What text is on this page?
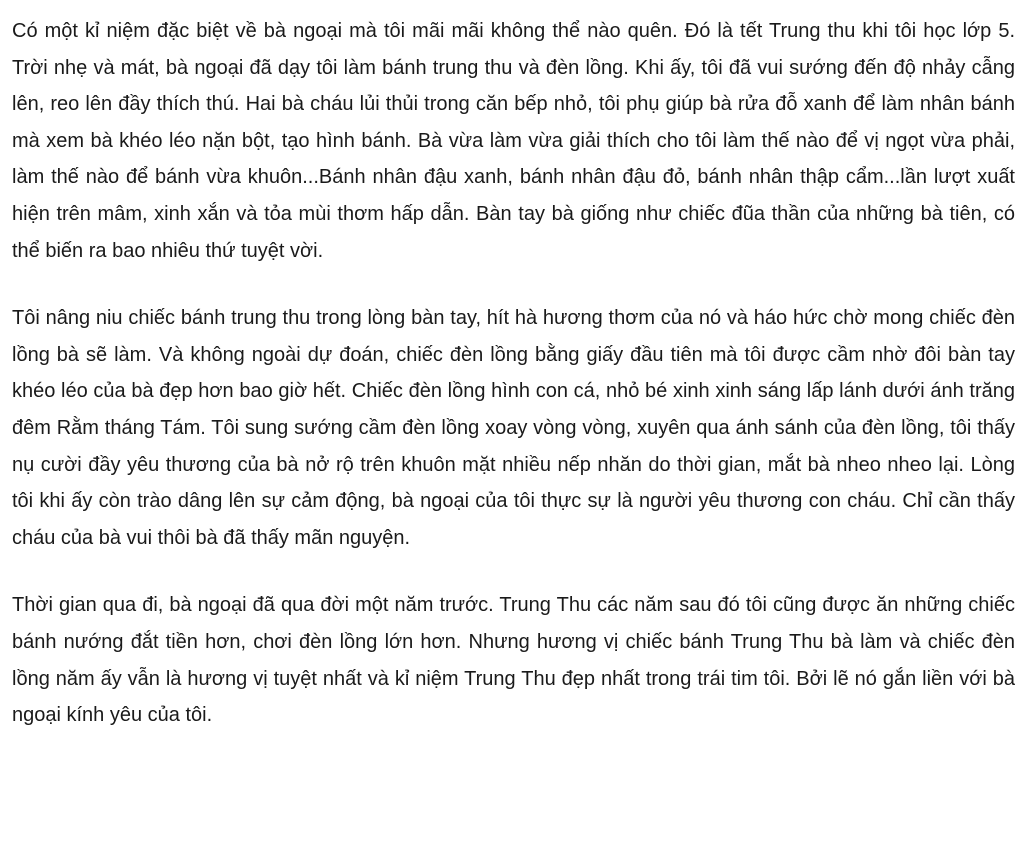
Có một kỉ niệm đặc biệt về bà ngoại mà tôi mãi mãi không thể nào quên. Đó là tết Trung thu khi tôi học lớp 5. Trời nhẹ và mát, bà ngoại đã dạy tôi làm bánh trung thu và đèn lồng. Khi ấy, tôi đã vui sướng đến độ nhảy cẫng lên, reo lên đầy thích thú. Hai bà cháu lủi thủi trong căn bếp nhỏ, tôi phụ giúp bà rửa đỗ xanh để làm nhân bánh mà xem bà khéo léo nặn bột, tạo hình bánh. Bà vừa làm vừa giải thích cho tôi làm thế nào để vị ngọt vừa phải, làm thế nào để bánh vừa khuôn...Bánh nhân đậu xanh, bánh nhân đậu đỏ, bánh nhân thập cẩm...lần lượt xuất hiện trên mâm, xinh xắn và tỏa mùi thơm hấp dẫn. Bàn tay bà giống như chiếc đũa thần của những bà tiên, có thể biến ra bao nhiêu thứ tuyệt vời.

Tôi nâng niu chiếc bánh trung thu trong lòng bàn tay, hít hà hương thơm của nó và háo hức chờ mong chiếc đèn lồng bà sẽ làm. Và không ngoài dự đoán, chiếc đèn lồng bằng giấy đầu tiên mà tôi được cầm nhờ đôi bàn tay khéo léo của bà đẹp hơn bao giờ hết. Chiếc đèn lồng hình con cá, nhỏ bé xinh xinh sáng lấp lánh dưới ánh trăng đêm Rằm tháng Tám. Tôi sung sướng cầm đèn lồng xoay vòng vòng, xuyên qua ánh sánh của đèn lồng, tôi thấy nụ cười đầy yêu thương của bà nở rộ trên khuôn mặt nhiều nếp nhăn do thời gian, mắt bà nheo nheo lại. Lòng tôi khi ấy còn trào dâng lên sự cảm động, bà ngoại của tôi thực sự là người yêu thương con cháu. Chỉ cần thấy cháu của bà vui thôi bà đã thấy mãn nguyện.

Thời gian qua đi, bà ngoại đã qua đời một năm trước. Trung Thu các năm sau đó tôi cũng được ăn những chiếc bánh nướng đắt tiền hơn, chơi đèn lồng lớn hơn. Nhưng hương vị chiếc bánh Trung Thu bà làm và chiếc đèn lồng năm ấy vẫn là hương vị tuyệt nhất và kỉ niệm Trung Thu đẹp nhất trong trái tim tôi. Bởi lẽ nó gắn liền với bà ngoại kính yêu của tôi.
